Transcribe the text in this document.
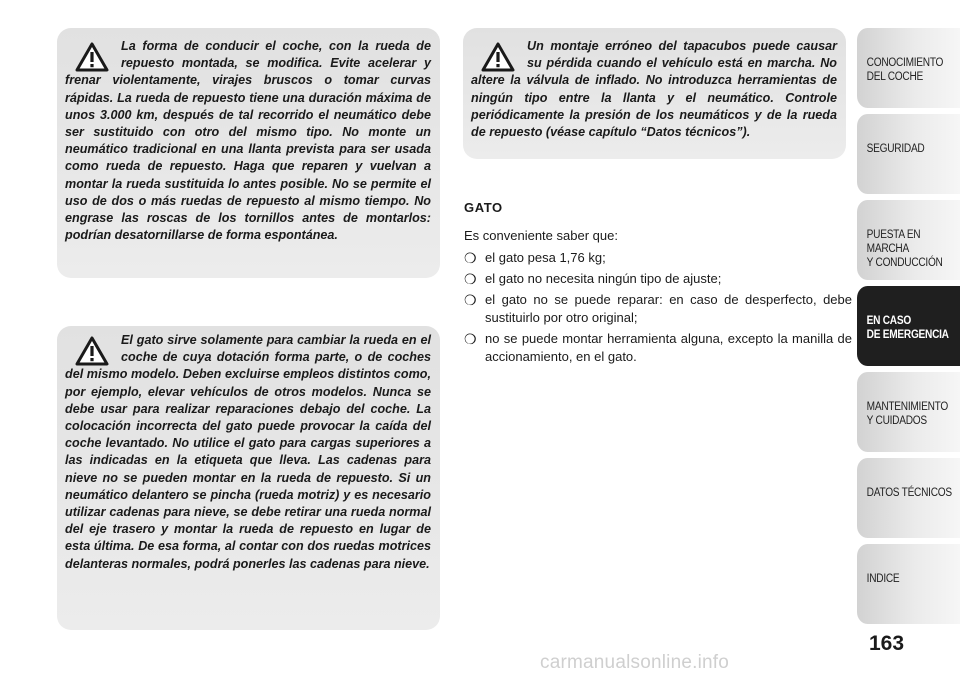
La forma de conducir el coche, con la rueda de repuesto montada, se modifica. Evite acelerar y frenar violentamente, virajes bruscos o tomar curvas rápidas. La rueda de repuesto tiene una duración máxima de unos 3.000 km, después de tal recorrido el neumático debe ser sustituido con otro del mismo tipo. No monte un neumático tradicional en una llanta prevista para ser usada como rueda de repuesto. Haga que reparen y vuelvan a montar la rueda sustituida lo antes posible. No se permite el uso de dos o más ruedas de repuesto al mismo tiempo. No engrase las roscas de los tornillos antes de montarlos: podrían desatornillarse de forma espontánea.

El gato sirve solamente para cambiar la rueda en el coche de cuya dotación forma parte, o de coches del mismo modelo. Deben excluirse empleos distintos como, por ejemplo, elevar vehículos de otros modelos. Nunca se debe usar para realizar reparaciones debajo del coche. La colocación incorrecta del gato puede provocar la caída del coche levantado. No utilice el gato para cargas superiores a las indicadas en la etiqueta que lleva. Las cadenas para nieve no se pueden montar en la rueda de repuesto. Si un neumático delantero se pincha (rueda motriz) y es necesario utilizar cadenas para nieve, se debe retirar una rueda normal del eje trasero y montar la rueda de repuesto en lugar de esta última. De esa forma, al contar con dos ruedas motrices delanteras normales, podrá ponerles las cadenas para nieve.

Un montaje erróneo del tapacubos puede causar su pérdida cuando el vehículo está en marcha. No altere la válvula de inflado. No introduzca herramientas de ningún tipo entre la llanta y el neumático. Controle periódicamente la presión de los neumáticos y de la rueda de repuesto (véase capítulo “Datos técnicos”).

GATO

Es conveniente saber que:

❍ el gato pesa 1,76 kg;
❍ el gato no necesita ningún tipo de ajuste;
❍ el gato no se puede reparar: en caso de desperfecto, debe sustituirlo por otro original;
❍ no se puede montar herramienta alguna, excepto la manilla de accionamiento, en el gato.
CONOCIMIENTO
DEL COCHE
SEGURIDAD
PUESTA EN MARCHA
Y CONDUCCIÓN
EN CASO
DE EMERGENCIA
MANTENIMIENTO
Y CUIDADOS
DATOS TÉCNICOS
INDICE
163
carmanualsonline.info
